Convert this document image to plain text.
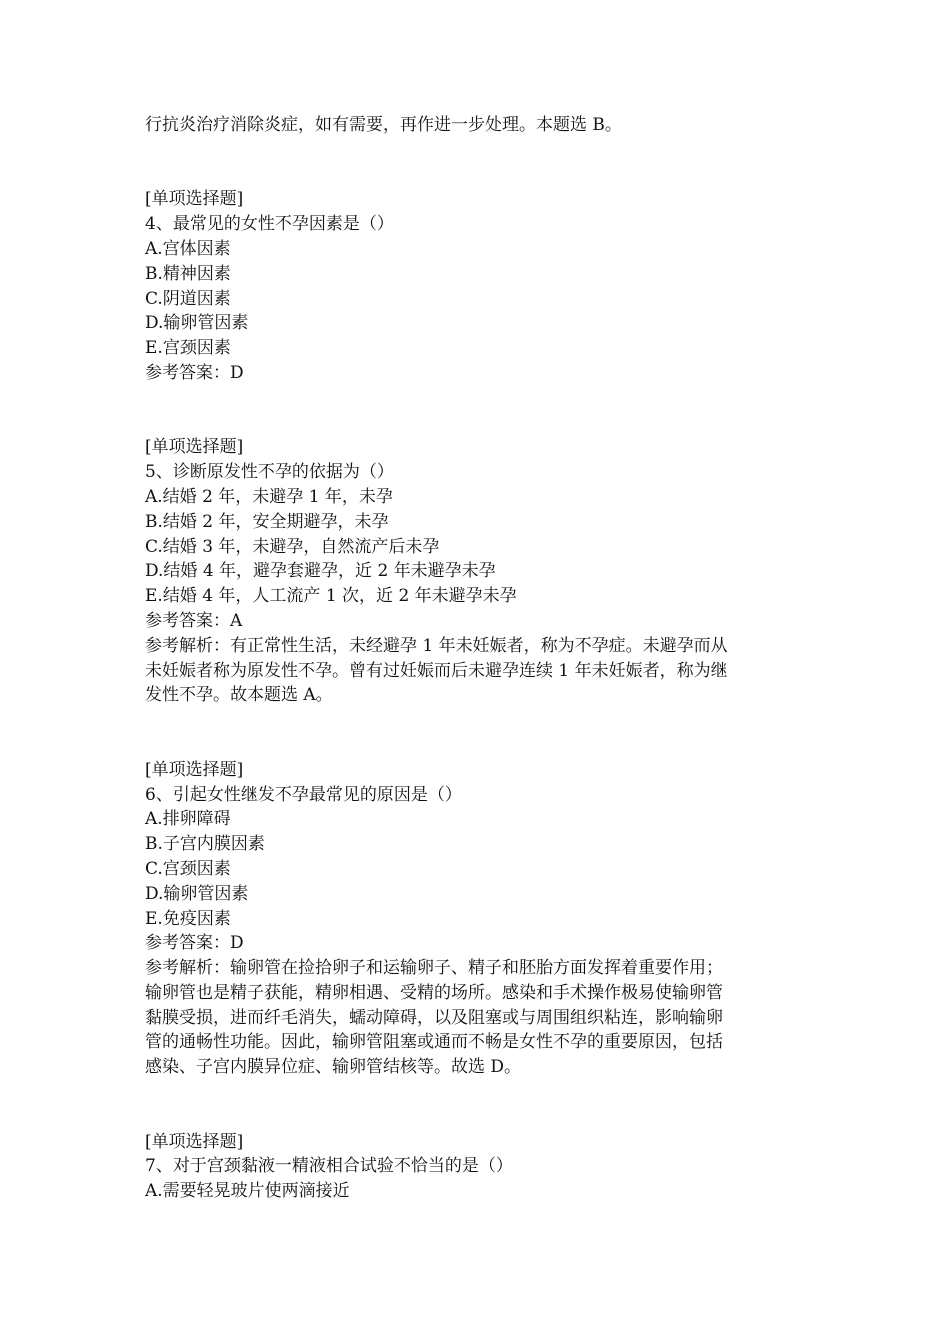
行抗炎治疗消除炎症，如有需要，再作进一步处理。本题选 B。

[单项选择题]

4、最常见的女性不孕因素是（）

A.宫体因素

B.精神因素

C.阴道因素

D.输卵管因素

E.宫颈因素

参考答案：D

[单项选择题]

5、诊断原发性不孕的依据为（）

A.结婚 2 年，未避孕 1 年，未孕

B.结婚 2 年，安全期避孕，未孕

C.结婚 3 年，未避孕，自然流产后未孕

D.结婚 4 年，避孕套避孕，近 2 年未避孕未孕

E.结婚 4 年，人工流产 1 次，近 2 年未避孕未孕

参考答案：A

参考解析：有正常性生活，未经避孕 1 年未妊娠者，称为不孕症。未避孕而从

未妊娠者称为原发性不孕。曾有过妊娠而后未避孕连续 1 年未妊娠者，称为继

发性不孕。故本题选 A。

[单项选择题]

6、引起女性继发不孕最常见的原因是（）

A.排卵障碍

B.子宫内膜因素

C.宫颈因素

D.输卵管因素

E.免疫因素

参考答案：D

参考解析：输卵管在捡拾卵子和运输卵子、精子和胚胎方面发挥着重要作用；

输卵管也是精子获能，精卵相遇、受精的场所。感染和手术操作极易使输卵管

黏膜受损，进而纤毛消失，蠕动障碍，以及阻塞或与周围组织粘连，影响输卵

管的通畅性功能。因此，输卵管阻塞或通而不畅是女性不孕的重要原因，包括

感染、子宫内膜异位症、输卵管结核等。故选 D。

[单项选择题]

7、对于宫颈黏液一精液相合试验不恰当的是（）

A.需要轻晃玻片使两滴接近
